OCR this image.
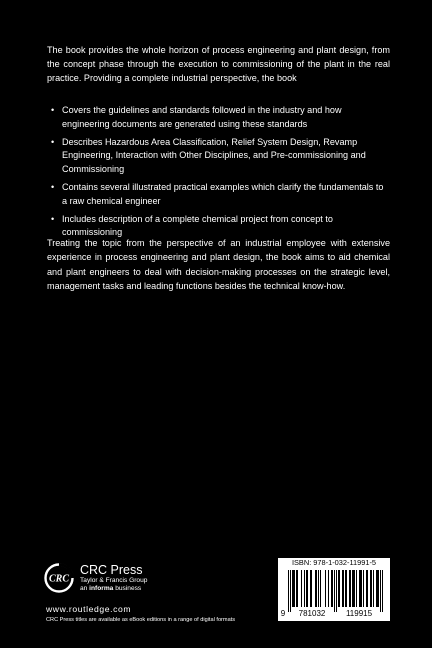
The book provides the whole horizon of process engineering and plant design, from the concept phase through the execution to commissioning of the plant in the real practice. Providing a complete industrial perspective, the book

• Covers the guidelines and standards followed in the industry and how engineering documents are generated using these standards
• Describes Hazardous Area Classification, Relief System Design, Revamp Engineering, Interaction with Other Disciplines, and Pre-commissioning and Commissioning
• Contains several illustrated practical examples which clarify the fundamentals to a raw chemical engineer
• Includes description of a complete chemical project from concept to commissioning

Treating the topic from the perspective of an industrial employee with extensive experience in process engineering and plant design, the book aims to aid chemical and plant engineers to deal with decision-making processes on the strategic level, management tasks and leading functions besides the technical know-how.

CRC
CRC Press
Taylor & Francis Group
an informa business
www.routledge.com
CRC Press titles are available as eBook editions in a range of digital formats
ISBN: 978-1-032-11991-5
9 781032	119915
